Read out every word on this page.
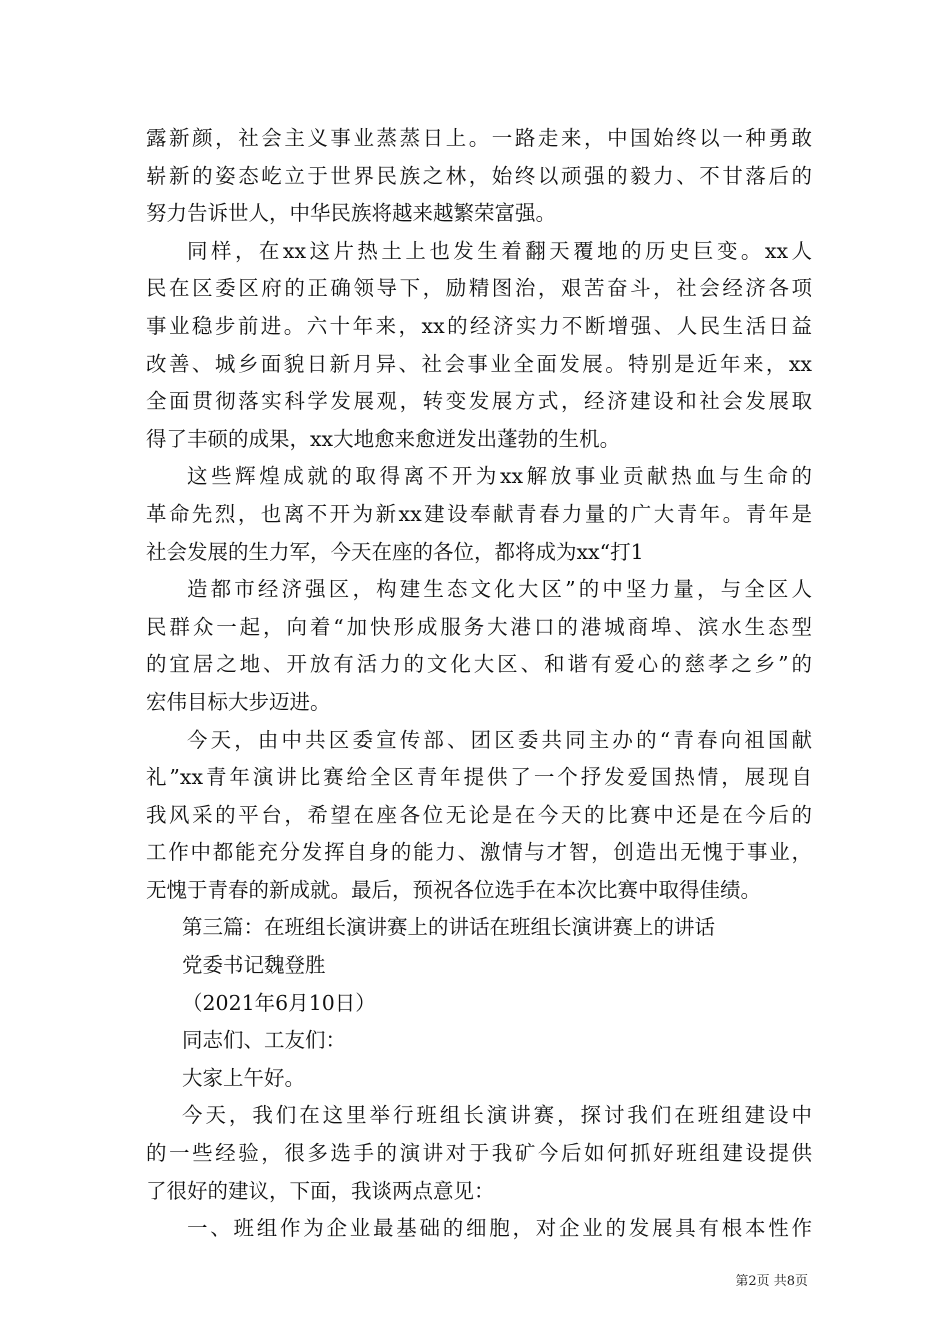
露新颜，社会主义事业蒸蒸日上。一路走来，中国始终以一种勇敢
崭新的姿态屹立于世界民族之林，始终以顽强的毅力、不甘落后的
努力告诉世人，中华民族将越来越繁荣富强。
同样，在xx这片热土上也发生着翻天覆地的历史巨变。xx人
民在区委区府的正确领导下，励精图治，艰苦奋斗，社会经济各项
事业稳步前进。六十年来，xx的经济实力不断增强、人民生活日益
改善、城乡面貌日新月异、社会事业全面发展。特别是近年来，xx
全面贯彻落实科学发展观，转变发展方式，经济建设和社会发展取
得了丰硕的成果，xx大地愈来愈迸发出蓬勃的生机。
这些辉煌成就的取得离不开为xx解放事业贡献热血与生命的
革命先烈，也离不开为新xx建设奉献青春力量的广大青年。青年是
社会发展的生力军，今天在座的各位，都将成为xx“打1
造都市经济强区，构建生态文化大区”的中坚力量，与全区人
民群众一起，向着“加快形成服务大港口的港城商埠、滨水生态型
的宜居之地、开放有活力的文化大区、和谐有爱心的慈孝之乡”的
宏伟目标大步迈进。
今天，由中共区委宣传部、团区委共同主办的“青春向祖国献
礼”xx青年演讲比赛给全区青年提供了一个抒发爱国热情，展现自
我风采的平台，希望在座各位无论是在今天的比赛中还是在今后的
工作中都能充分发挥自身的能力、激情与才智，创造出无愧于事业，
无愧于青春的新成就。最后，预祝各位选手在本次比赛中取得佳绩。
第三篇：在班组长演讲赛上的讲话在班组长演讲赛上的讲话
党委书记魏登胜
（2021年6月10日）
同志们、工友们：
大家上午好。
今天，我们在这里举行班组长演讲赛，探讨我们在班组建设中
的一些经验，很多选手的演讲对于我矿今后如何抓好班组建设提供
了很好的建议，下面，我谈两点意见：
一、班组作为企业最基础的细胞，对企业的发展具有根本性作
第2页 共8页
